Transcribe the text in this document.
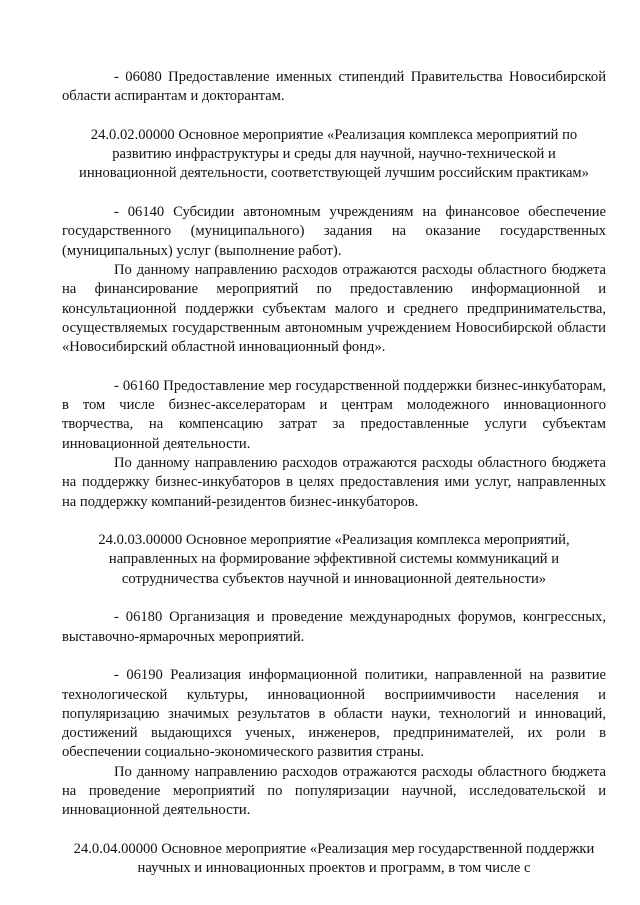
- 06080 Предоставление именных стипендий Правительства Новосибирской области аспирантам и докторантам.

24.0.02.00000 Основное мероприятие «Реализация комплекса мероприятий по развитию инфраструктуры и среды для научной, научно-технической и инновационной деятельности, соответствующей лучшим российским практикам»

- 06140 Субсидии автономным учреждениям на финансовое обеспечение государственного (муниципального) задания на оказание государственных (муниципальных) услуг (выполнение работ).

По данному направлению расходов отражаются расходы областного бюджета на финансирование мероприятий по предоставлению информационной и консультационной поддержки субъектам малого и среднего предпринимательства, осуществляемых государственным автономным учреждением Новосибирской области «Новосибирский областной инновационный фонд».

- 06160 Предоставление мер государственной поддержки бизнес-инкубаторам, в том числе бизнес-акселераторам и центрам молодежного инновационного творчества, на компенсацию затрат за предоставленные услуги субъектам инновационной деятельности.

По данному направлению расходов отражаются расходы областного бюджета на поддержку бизнес-инкубаторов в целях предоставления ими услуг, направленных на поддержку компаний-резидентов бизнес-инкубаторов.

24.0.03.00000 Основное мероприятие «Реализация комплекса мероприятий, направленных на формирование эффективной системы коммуникаций и сотрудничества субъектов научной и инновационной деятельности»

- 06180 Организация и проведение международных форумов, конгрессных, выставочно-ярмарочных мероприятий.

- 06190 Реализация информационной политики, направленной на развитие технологической культуры, инновационной восприимчивости населения и популяризацию значимых результатов в области науки, технологий и инноваций, достижений выдающихся ученых, инженеров, предпринимателей, их роли в обеспечении социально-экономического развития страны.

По данному направлению расходов отражаются расходы областного бюджета на проведение мероприятий по популяризации научной, исследовательской и инновационной деятельности.

24.0.04.00000 Основное мероприятие «Реализация мер государственной поддержки научных и инновационных проектов и программ, в том числе с
